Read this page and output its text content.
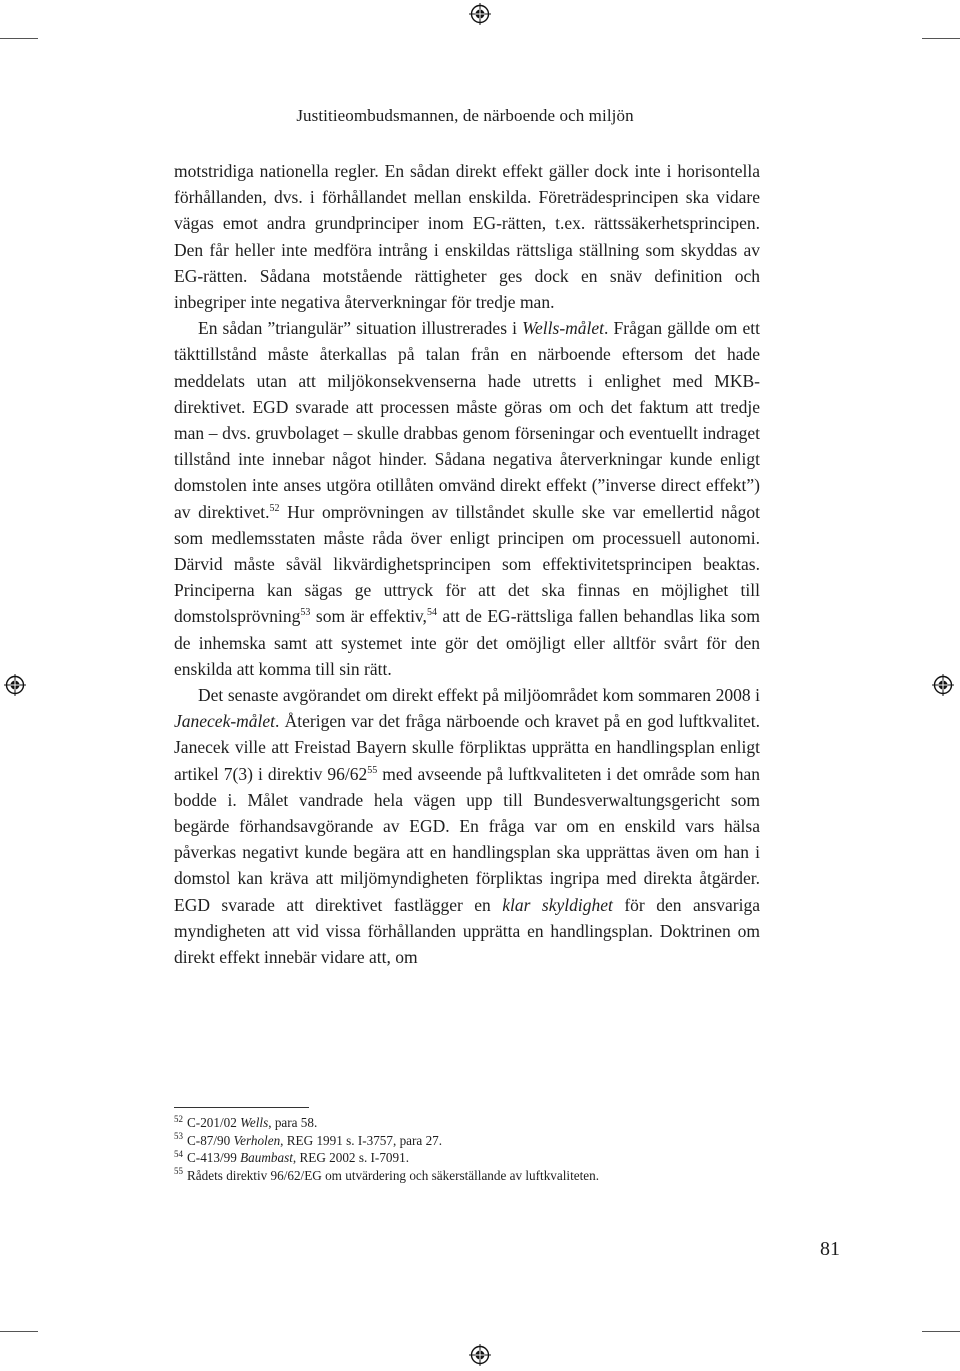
Justitieombudsmannen, de närboende och miljön

motstridiga nationella regler. En sådan direkt effekt gäller dock inte i horisontella förhållanden, dvs. i förhållandet mellan enskilda. Företrädesprincipen ska vidare vägas emot andra grundprinciper inom EG-rätten, t.ex. rättssäkerhetsprincipen. Den får heller inte medföra intrång i enskildas rättsliga ställning som skyddas av EG-rätten. Sådana motstående rättigheter ges dock en snäv definition och inbegriper inte negativa återverkningar för tredje man.

En sådan ”triangulär” situation illustrerades i Wells-målet. Frågan gällde om ett täkttillstånd måste återkallas på talan från en närboende eftersom det hade meddelats utan att miljökonsekvenserna hade utretts i enlighet med MKB-direktivet. EGD svarade att processen måste göras om och det faktum att tredje man – dvs. gruvbolaget – skulle drabbas genom förseningar och eventuellt indraget tillstånd inte innebar något hinder. Sådana negativa återverkningar kunde enligt domstolen inte anses utgöra otillåten omvänd direkt effekt (”inverse direct effekt”) av direktivet.$^{52}$ Hur omprövningen av tillståndet skulle ske var emellertid något som medlemsstaten måste råda över enligt principen om processuell autonomi. Därvid måste såväl likvärdighetsprincipen som effektivitetsprincipen beaktas. Principerna kan sägas ge uttryck för att det ska finnas en möjlighet till domstolsprövning$^{53}$ som är effektiv,$^{54}$ att de EG-rättsliga fallen behandlas lika som de inhemska samt att systemet inte gör det omöjligt eller alltför svårt för den enskilda att komma till sin rätt.

Det senaste avgörandet om direkt effekt på miljöområdet kom sommaren 2008 i Janecek-målet. Återigen var det fråga närboende och kravet på en god luftkvalitet. Janecek ville att Freistad Bayern skulle förpliktas upprätta en handlingsplan enligt artikel 7(3) i direktiv $96/62^{55}$ med avseende på luftkvaliteten i det område som han bodde i. Målet vandrade hela vägen upp till Bundesverwaltungsgericht som begärde förhandsavgörande av EGD. En fråga var om en enskild vars hälsa påverkas negativt kunde begära att en handlingsplan ska upprättas även om han i domstol kan kräva att miljömyndigheten förpliktas ingripa med direkta åtgärder. EGD svarade att direktivet fastlägger en klar skyldighet för den ansvariga myndigheten att vid vissa förhållanden upprätta en handlingsplan. Doktrinen om direkt effekt innebär vidare att, om

$^{52}$ C-201/02 Wells, para 58.
$^{53}$ C-87/90 Verholen, REG 1991 s. I-3757, para 27.
$^{54}$ C-413/99 Baumbast, REG 2002 s. I-7091.
$^{55}$ Rådets direktiv 96/62/EG om utvärdering och säkerställande av luftkvaliteten.
81
